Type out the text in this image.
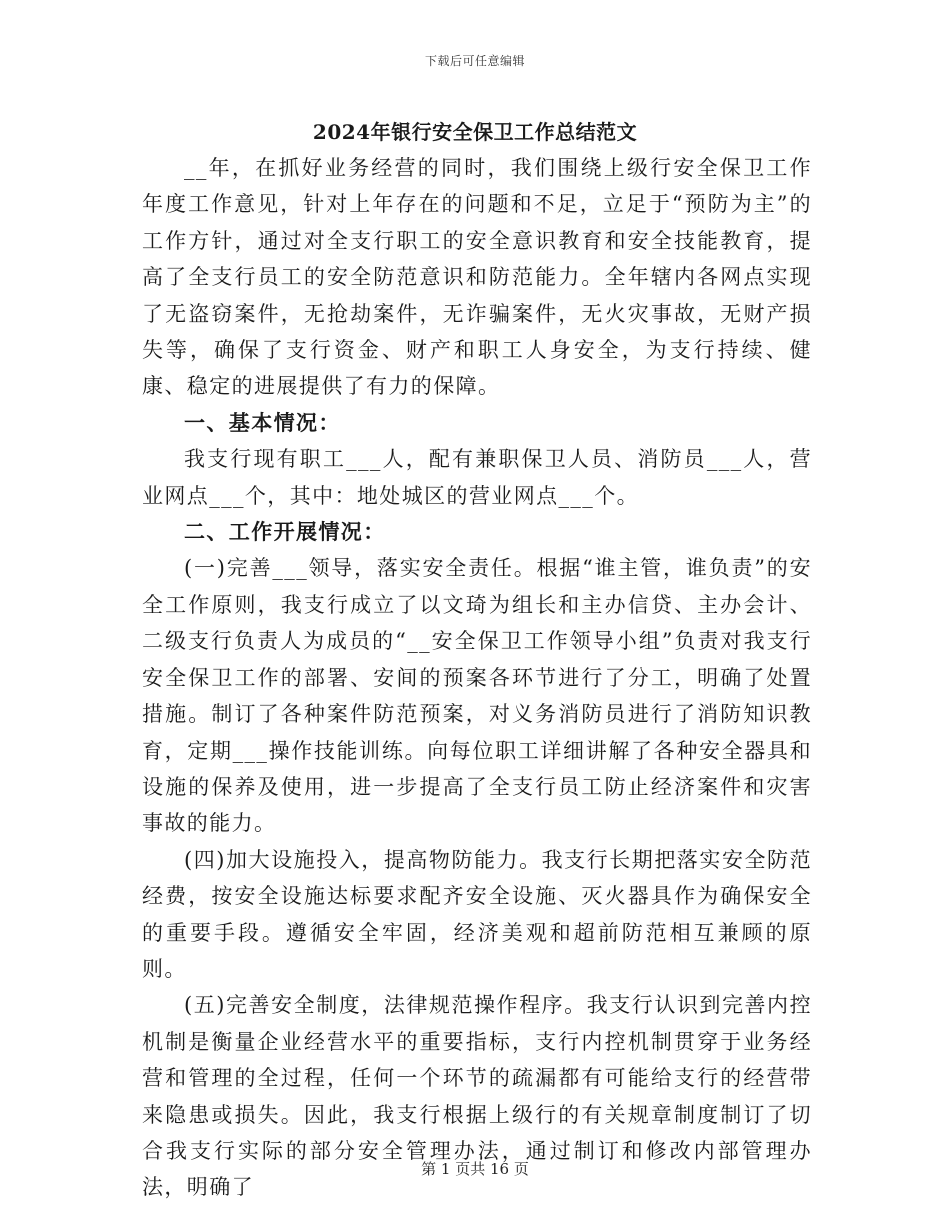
下载后可任意编辑
2024年银行安全保卫工作总结范文

__年，在抓好业务经营的同时，我们围绕上级行安全保卫工作年度工作意见，针对上年存在的问题和不足，立足于“预防为主”的工作方针，通过对全支行职工的安全意识教育和安全技能教育，提高了全支行员工的安全防范意识和防范能力。全年辖内各网点实现了无盗窃案件，无抢劫案件，无诈骗案件，无火灾事故，无财产损失等，确保了支行资金、财产和职工人身安全，为支行持续、健康、稳定的进展提供了有力的保障。

一、基本情况：

我支行现有职工___人，配有兼职保卫人员、消防员___人，营业网点___个，其中：地处城区的营业网点___个。

二、工作开展情况：

(一)完善___领导，落实安全责任。根据“谁主管，谁负责”的安全工作原则，我支行成立了以文琦为组长和主办信贷、主办会计、二级支行负责人为成员的“__安全保卫工作领导小组”负责对我支行安全保卫工作的部署、安间的预案各环节进行了分工，明确了处置措施。制订了各种案件防范预案，对义务消防员进行了消防知识教育，定期___操作技能训练。向每位职工详细讲解了各种安全器具和设施的保养及使用，进一步提高了全支行员工防止经济案件和灾害事故的能力。

(四)加大设施投入，提高物防能力。我支行长期把落实安全防范经费，按安全设施达标要求配齐安全设施、灭火器具作为确保安全的重要手段。遵循安全牢固，经济美观和超前防范相互兼顾的原则。

(五)完善安全制度，法律规范操作程序。我支行认识到完善内控机制是衡量企业经营水平的重要指标，支行内控机制贯穿于业务经营和管理的全过程，任何一个环节的疏漏都有可能给支行的经营带来隐患或损失。因此，我支行根据上级行的有关规章制度制订了切合我支行实际的部分安全管理办法，通过制订和修改内部管理办法，明确了

第 1 页共 16 页
